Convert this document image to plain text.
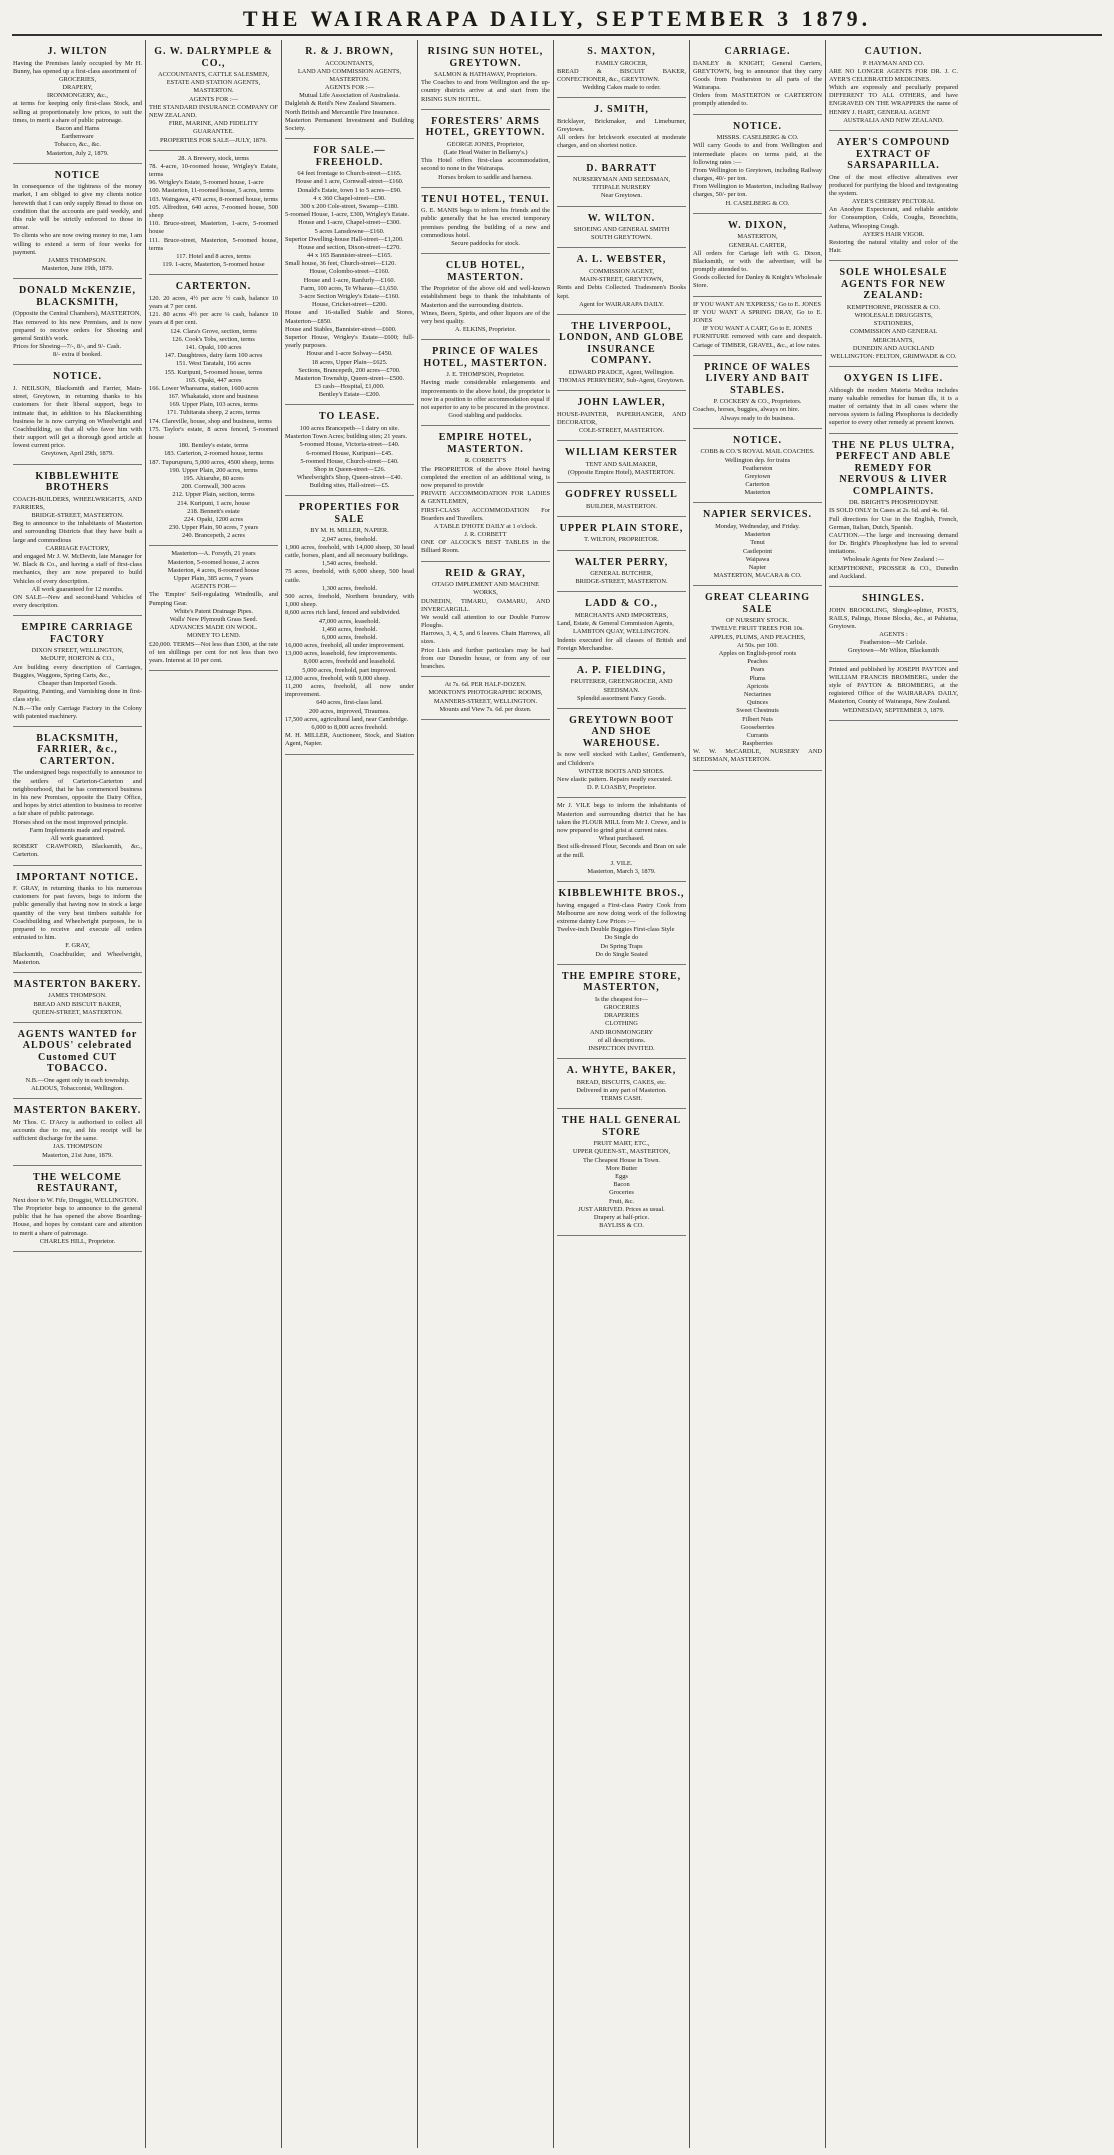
THE WAIRARAPA DAILY, SEPTEMBER 3 1879.
J. WILTON
Having the Premises lately occupied by Mr H. Bunny, has opened up a first-class assortment of
GROCERIES,
DRAPERY,
IRONMONGERY, &c.,
at terms for keeping only first-class Stock, and selling at proportionately low prices, to suit the times, to merit a share of public patronage.
Bacon and Hams
Earthenware
Tobacco, &c., &c.
Masterton, July 2, 1879.
NOTICE
In consequence of the tightness of the money market, I am obliged to give my clients notice herewith that I can only supply Bread to those on condition that the accounts are paid weekly, and this rule will be strictly enforced to those in arrear.
To clients who are now owing money to me, I am willing to extend a term of four weeks for payment.
JAMES THOMPSON.
Masterton, June 19th, 1879.
DONALD McKENZIE, BLACKSMITH,
(Opposite the Central Chambers), MASTERTON,
Has removed to his new Premises, and is now prepared to receive orders for Shoeing and general Smith's work.
Prices for Shoeing—7/-, 8/-, and 9/- Cash.
8/- extra if booked.
NOTICE.
J. NEILSON, Blacksmith and Farrier, Main-street, Greytown, in returning thanks to his customers for their liberal support, begs to intimate that, in addition to his Blacksmithing business he is now carrying on Wheelwright and Coachbuilding, so that all who favor him with their support will get a thorough good article at lowest current price.
Greytown, April 29th, 1879.
KIBBLEWHITE BROTHERS
COACH-BUILDERS, WHEELWRIGHTS, AND FARRIERS,
BRIDGE-STREET, MASTERTON.
Beg to announce to the inhabitants of Masterton and surrounding Districts that they have built a large and commodious
CARRIAGE FACTORY,
and engaged Mr J. W. McDevitt, late Manager for W. Black & Co., and having a staff of first-class mechanics, they are now prepared to build Vehicles of every description.
All work guaranteed for 12 months.
ON SALE—New and second-hand Vehicles of every description.
EMPIRE CARRIAGE FACTORY
DIXON STREET, WELLINGTON,
McDUFF, HORTON & CO.,
Are building every description of Carriages, Buggies, Waggons, Spring Carts, &c.,
Cheaper than Imported Goods.
Repairing, Painting, and Varnishing done in first-class style.
N.B.—The only Carriage Factory in the Colony with patented machinery.
BLACKSMITH, FARRIER, &c., CARTERTON.
The undersigned begs respectfully to announce to the settlers of Carterton-Carterton and neighbourhood, that he has commenced business in his new Premises, opposite the Dairy Office, and hopes by strict attention to business to receive a fair share of public patronage.
Horses shod on the most improved principle.
Farm Implements made and repaired.
All work guaranteed.
ROBERT CRAWFORD, Blacksmith, &c., Carterton.
IMPORTANT NOTICE.
F. GRAY, in returning thanks to his numerous customers for past favors, begs to inform the public generally that having now in stock a large quantity of the very best timbers suitable for Coachbuilding and Wheelwright purposes, he is prepared to receive and execute all orders entrusted to him.
F. GRAY,
Blacksmith, Coachbuilder, and Wheelwright, Masterton.
MASTERTON BAKERY.
JAMES THOMPSON.
BREAD AND BISCUIT BAKER,
QUEEN-STREET, MASTERTON.
AGENTS WANTED for ALDOUS' celebrated Customed CUT TOBACCO.
N.B.—One agent only in each township.
ALDOUS, Tobacconist, Wellington.
MASTERTON BAKERY.
Mr Thos. C. D'Arcy is authorised to collect all accounts due to me, and his receipt will be sufficient discharge for the same.
JAS. THOMPSON
Masterton, 21st June, 1879.
THE WELCOME RESTAURANT,
Next door to W. Fife, Druggist, WELLINGTON.
The Proprietor begs to announce to the general public that he has opened the above Boarding-House, and hopes by constant care and attention to merit a share of patronage.
CHARLES HILL, Proprietor.
G. W. DALRYMPLE & CO.,
ACCOUNTANTS, CATTLE SALESMEN,
ESTATE AND STATION AGENTS,
MASTERTON.
AGENTS FOR :—
THE STANDARD INSURANCE COMPANY OF NEW ZEALAND.
FIRE, MARINE, AND FIDELITY GUARANTEE.
PROPERTIES FOR SALE—JULY, 1879.
28. A Brewery, stock, terms
78. 4-acre, 10-roomed house, Wrigley's Estate, terms
96. Wrigley's Estate, 5-roomed house, 1-acre
100. Masterton, 11-roomed house, 5 acres, terms
103. Waingawa, 470 acres, 8-roomed house, terms
105. Alfredton, 640 acres, 7-roomed house, 500 sheep
110. Bruce-street, Masterton, 1-acre, 5-roomed house
111. Bruce-street, Masterton, 5-roomed house, terms
117. Hotel and 8 acres, terms
119. 1-acre, Masterton, 5-roomed house
CARTERTON.
120. 20 acres, 4½ per acre ½ cash, balance 10 years at 7 per cent.
121. 80 acres 4½ per acre ¼ cash, balance 10 years at 8 per cent.
124. Clara's Grove, section, terms
126. Cook's Tobs, section, terms
141. Opaki, 100 acres
147. Daughtrees, dairy farm 100 acres
151. West Taratahi, 166 acres
155. Kuripuni, 5-roomed house, terms
165. Opaki, 447 acres
166. Lower Whareama, station, 1600 acres
167. Whakataki, store and business
169. Upper Plain, 103 acres, terms
171. Tuhitarata sheep, 2 acres, terms
174. Clareville, house, shop and business, terms
175. Taylor's estate, 8 acres fenced, 5-roomed house
180. Bentley's estate, terms
183. Carterton, 2-roomed house, terms
187. Tupurupuru, 5,000 acres, 4500 sheep, terms
190. Upper Plain, 200 acres, terms
195. Ahiaruhe, 80 acres
200. Cornwall, 300 acres
212. Upper Plain, section, terms
214. Kuripuni, 1 acre, house
218. Bennett's estate
224. Opaki, 1200 acres
230. Upper Plain, 90 acres, 7 years
240. Brancepeth, 2 acres
Masterton—A. Forsyth, 21 years
Masterton, 5-roomed house, 2 acres
Masterton, 4 acres, 8-roomed house
Upper Plain, 385 acres, 7 years
AGENTS FOR—
The 'Empire' Self-regulating Windmills, and Pumping Gear.
White's Patent Drainage Pipes.
Walls' New Plymouth Grass Seed.
ADVANCES MADE ON WOOL.
MONEY TO LEND.
£20,000. TERMS—Not less than £300, at the rate of ten shillings per cent for not less than two years. Interest at 10 per cent.
R. & J. BROWN,
ACCOUNTANTS,
LAND AND COMMISSION AGENTS,
MASTERTON.
AGENTS FOR :—
Mutual Life Association of Australasia.
Dalgleish & Reid's New Zealand Steamers.
North British and Mercantile Fire Insurance.
Masterton Permanent Investment and Building Society.
FOR SALE.—FREEHOLD.
64 feet frontage to Church-street—£165.
House and 1 acre, Cornwall-street—£160.
Donald's Estate, town 1 to 5 acres—£90.
4 x 360 Chapel-street—£90.
300 x 200 Cole-street, Swamp—£180.
5-roomed House, 1-acre, £300, Wrigley's Estate.
House and 1-acre, Chapel-street—£300.
5 acres Lansdowne—£160.
Superior Dwelling-house Hall-street—£1,200.
House and section, Dixon-street—£270.
44 x 165 Bannister-street—£165.
Small house, 36 feet, Church-street—£120.
House, Colombo-street—£160.
House and 1-acre, Ranfurly—£160.
Farm, 100 acres, Te Wharau—£1,650.
3-acre Section Wrigley's Estate—£160.
House, Cricket-street—£200.
House and 16-stalled Stable and Stores, Masterton—£850.
House and Stables, Bannister-street—£600.
Superior House, Wrigley's Estate—£600; full-yearly purposes.
House and 1-acre Solway—£450.
18 acres, Upper Plain—£625.
Sections, Brancepeth, 200 acres—£700.
Masterton Township, Queen-street—£500.
£3 cash—Hospital, £1,000.
Bentley's Estate—£200.
TO LEASE.
100 acres Brancepeth—1 dairy on site.
Masterton Town Acres; building sites; 21 years.
5-roomed House, Victoria-street—£40.
6-roomed House, Kuripuni—£45.
5-roomed House, Church-street—£40.
Shop in Queen-street—£26.
Wheelwright's Shop, Queen-street—£40.
Building sites, Hall-street—£5.
PROPERTIES FOR SALE
BY M. H. MILLER, NAPIER.
2,047 acres, freehold.
1,900 acres, freehold, with 14,000 sheep, 30 head cattle, horses, plant, and all necessary buildings.
1,540 acres, freehold.
75 acres, freehold, with 6,000 sheep, 500 head cattle.
1,300 acres, freehold.
500 acres, freehold, Northern boundary, with 1,000 sheep.
8,600 acres rich land, fenced and subdivided.
47,000 acres, leasehold.
1,460 acres, freehold.
6,000 acres, freehold.
16,000 acres, freehold, all under improvement.
13,000 acres, leasehold, few improvements.
8,000 acres, freehold and leasehold.
5,000 acres, freehold, part improved.
12,000 acres, freehold, with 9,000 sheep.
11,200 acres, freehold, all now under improvement.
640 acres, first-class land.
200 acres, improved, Tiraumea.
17,500 acres, agricultural land, near Cambridge.
6,000 to 8,000 acres freehold.
M. H. MILLER, Auctioneer, Stock, and Station Agent, Napier.
RISING SUN HOTEL, GREYTOWN.
SALMON & HATHAWAY, Proprietors.
The Coaches to and from Wellington and the up-country districts arrive at and start from the RISING SUN HOTEL.
FORESTERS' ARMS HOTEL, GREYTOWN.
GEORGE JONES, Proprietor,
(Late Head Waiter in Bellamy's.)
This Hotel offers first-class accommodation, second to none in the Wairarapa.
Horses broken to saddle and harness.
TENUI HOTEL, TENUI.
G. E. MANIS begs to inform his friends and the public generally that he has erected temporary premises pending the building of a new and commodious hotel.
Secure paddocks for stock.
CLUB HOTEL, MASTERTON.
The Proprietor of the above old and well-known establishment begs to thank the inhabitants of Masterton and the surrounding districts.
Wines, Beers, Spirits, and other liquors are of the very best quality.
A. ELKINS, Proprietor.
PRINCE OF WALES HOTEL, MASTERTON.
J. E. THOMPSON, Proprietor.
Having made considerable enlargements and improvements to the above hotel, the proprietor is now in a position to offer accommodation equal if not superior to any to be procured in the province.
Good stabling and paddocks.
EMPIRE HOTEL, MASTERTON.
R. CORBETT'S
The PROPRIETOR of the above Hotel having completed the erection of an additional wing, is now prepared to provide
PRIVATE ACCOMMODATION FOR LADIES & GENTLEMEN,
FIRST-CLASS ACCOMMODATION For Boarders and Travellers.
A TABLE D'HOTE DAILY at 1 o'clock.
J. R. CORBETT
ONE OF ALCOCK'S BEST TABLES in the Billiard Room.
REID & GRAY,
OTAGO IMPLEMENT AND MACHINE WORKS,
DUNEDIN, TIMARU, OAMARU, AND INVERCARGILL.
We would call attention to our Double Furrow Ploughs.
Harrows, 3, 4, 5, and 6 leaves. Chain Harrows, all sizes.
Price Lists and further particulars may be had from our Dunedin house, or from any of our branches.
At 7s. 6d. PER HALF-DOZEN.
MONKTON'S PHOTOGRAPHIC ROOMS,
MANNERS-STREET, WELLINGTON.
Mounts and View 7s. 6d. per dozen.
S. MAXTON,
FAMILY GROCER,
BREAD & BISCUIT BAKER, CONFECTIONER, &c., GREYTOWN.
Wedding Cakes made to order.
J. SMITH,
Bricklayer, Brickmaker, and Limeburner, Greytown.
All orders for brickwork executed at moderate charges, and on shortest notice.
D. BARRATT
NURSERYMAN AND SEEDSMAN,
TITIPALE NURSERY
Near Greytown.
W. WILTON.
SHOEING AND GENERAL SMITH
SOUTH GREYTOWN.
A. L. WEBSTER,
COMMISSION AGENT,
MAIN-STREET, GREYTOWN,
Rents and Debts Collected. Tradesmen's Books kept.
Agent for WAIRARAPA DAILY.
THE LIVERPOOL, LONDON, AND GLOBE INSURANCE COMPANY.
EDWARD PRADCE, Agent, Wellington.
THOMAS PERRYBERY, Sub-Agent, Greytown.
JOHN LAWLER,
HOUSE-PAINTER, PAPERHANGER, AND DECORATOR,
COLE-STREET, MASTERTON.
WILLIAM KERSTER
TENT AND SAILMAKER,
(Opposite Empire Hotel), MASTERTON.
GODFREY RUSSELL
BUILDER, MASTERTON.
UPPER PLAIN STORE,
T. WILTON, PROPRIETOR.
WALTER PERRY,
GENERAL BUTCHER,
BRIDGE-STREET, MASTERTON.
LADD & CO.,
MERCHANTS AND IMPORTERS,
Land, Estate, & General Commission Agents,
LAMBTON QUAY, WELLINGTON.
Indents executed for all classes of British and Foreign Merchandise.
A. P. FIELDING,
FRUITERER, GREENGROCER, AND SEEDSMAN.
Splendid assortment Fancy Goods.
GREYTOWN BOOT AND SHOE WAREHOUSE.
Is now well stocked with Ladies', Gentlemen's, and Children's
WINTER BOOTS AND SHOES.
New elastic pattern. Repairs neatly executed.
D. P. LOASBY, Proprietor.
Mr J. VILE begs to inform the inhabitants of Masterton and surrounding district that he has taken the FLOUR MILL from Mr J. Crewe, and is now prepared to grind grist at current rates.
Wheat purchased.
Best silk-dressed Flour, Seconds and Bran on sale at the mill.
J. VILE.
Masterton, March 3, 1879.
KIBBLEWHITE BROS.,
having engaged a First-class Pastry Cook from Melbourne are now doing work of the following extreme dainty Low Prices :—
Twelve-inch Double Buggies First-class Style
Do Single do
Do Spring Traps
Do do Single Seated
THE EMPIRE STORE, MASTERTON,
Is the cheapest for—
GROCERIES
DRAPERIES
CLOTHING
AND IRONMONGERY
of all descriptions.
INSPECTION INVITED.
A. WHYTE, BAKER,
BREAD, BISCUITS, CAKES, etc.
Delivered in any part of Masterton.
TERMS CASH.
THE HALL GENERAL STORE
FRUIT MART, ETC.,
UPPER QUEEN-ST., MASTERTON,
The Cheapest House in Town.
More Butter
Eggs
Bacon
Groceries
Fruit, &c.
JUST ARRIVED. Prices as usual.
Drapery at half-price.
BAYLISS & CO.
CARRIAGE.
DANLEY & KNIGHT, General Carriers, GREYTOWN, beg to announce that they carry Goods from Featherston to all parts of the Wairarapa.
Orders from MASTERTON or CARTERTON promptly attended to.
NOTICE.
MISSRS. CASELBERG & CO.
Will carry Goods to and from Wellington and intermediate places on terms paid, at the following rates :—
From Wellington to Greytown, including Railway charges, 40/- per ton.
From Wellington to Masterton, including Railway charges, 50/- per ton.
H. CASELBERG & CO.
W. DIXON,
MASTERTON,
GENERAL CARTER,
All orders for Cartage left with G. Dixon, Blacksmith, or with the advertiser, will be promptly attended to.
Goods collected for Danley & Knight's Wholesale Store.
IF YOU WANT AN 'EXPRESS,' Go to E. JONES
IF YOU WANT A SPRING DRAY, Go to E. JONES
IF YOU WANT A CART, Go to E. JONES
FURNITURE removed with care and despatch. Cartage of TIMBER, GRAVEL, &c., at low rates.
PRINCE OF WALES LIVERY AND BAIT STABLES.
P. COCKERY & CO., Proprietors.
Coaches, horses, buggies, always on hire.
Always ready to do business.
NOTICE.
COBB & CO.'S ROYAL MAIL COACHES.
Wellington dep. for trains
Featherston
Greytown
Carterton
Masterton
NAPIER SERVICES.
Monday, Wednesday, and Friday.
Masterton
Tenui
Castlepoint
Waipawa
Napier
MASTERTON, MACARA & CO.
GREAT CLEARING SALE
OF NURSERY STOCK.
TWELVE FRUIT TREES FOR 10s.
APPLES, PLUMS, AND PEACHES,
At 50s. per 100.
Apples on English-proof roots
Peaches
Pears
Plums
Apricots
Nectarines
Quinces
Sweet Chestnuts
Filbert Nuts
Gooseberries
Currants
Raspberries
W. W. McCARDLE, NURSERY AND SEEDSMAN, MASTERTON.
CAUTION.
P. HAYMAN AND CO.
ARE NO LONGER AGENTS FOR DR. J. C. AYER'S CELEBRATED MEDICINES.
Which are expressly and peculiarly prepared DIFFERENT TO ALL OTHERS, and have ENGRAVED ON THE WRAPPERS the name of HENRY J. HART, GENERAL AGENT
AUSTRALIA AND NEW ZEALAND.
AYER'S COMPOUND EXTRACT OF SARSAPARILLA.
One of the most effective alteratives ever produced for purifying the blood and invigorating the system.
AYER'S CHERRY PECTORAL
An Anodyne Expectorant, and reliable antidote for Consumption, Colds, Coughs, Bronchitis, Asthma, Whooping Cough.
AYER'S HAIR VIGOR.
Restoring the natural vitality and color of the Hair.
SOLE WHOLESALE AGENTS FOR NEW ZEALAND:
KEMPTHORNE, PROSSER & CO.
WHOLESALE DRUGGISTS,
STATIONERS,
COMMISSION AND GENERAL MERCHANTS,
DUNEDIN AND AUCKLAND
WELLINGTON: FELTON, GRIMWADE & CO.
OXYGEN IS LIFE.
Although the modern Materia Medica includes many valuable remedies for human ills, it is a matter of certainty that in all cases where the nervous system is failing Phosphorus is decidedly superior to every other remedy at present known.
THE NE PLUS ULTRA, PERFECT AND ABLE REMEDY FOR NERVOUS & LIVER COMPLAINTS.
DR. BRIGHT'S PHOSPHODYNE
IS SOLD ONLY In Cases at 2s. 6d. and 4s. 6d.
Full directions for Use in the English, French, German, Italian, Dutch, Spanish.
CAUTION.—The large and increasing demand for Dr. Bright's Phosphodyne has led to several imitations.
Wholesale Agents for New Zealand :—
KEMPTHORNE, PROSSER & CO., Dunedin and Auckland.
SHINGLES.
JOHN BROOKLING, Shingle-splitter, POSTS, RAILS, Palings, House Blocks, &c., at Pahiatua, Greytown.
AGENTS :
Featherston—Mr Carlisle.
Greytown—Mr Wilton, Blacksmith
Printed and published by JOSEPH PAYTON and WILLIAM FRANCIS BROMBERG, under the style of PAYTON & BROMBERG, at the registered Office of the WAIRARAPA DAILY, Masterton, County of Wairarapa, New Zealand.
WEDNESDAY, SEPTEMBER 3, 1879.
